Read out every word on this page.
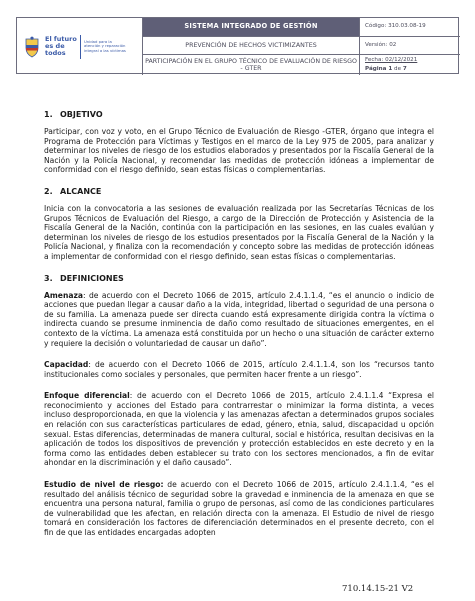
El futuro es de todos
Unidad para la atención y reparación integral a las víctimas
SISTEMA INTEGRADO DE GESTIÓN	Código: 310.03.08-19
PREVENCIÓN DE HECHOS VICTIMIZANTES	Versión: 02
PARTICIPACIÓN EN EL GRUPO TÉCNICO DE EVALUACIÓN DE RIESGO - GTER
Fecha: 02/12/2021
Página 1 de 7
1. OBJETIVO

Participar, con voz y voto, en el Grupo Técnico de Evaluación de Riesgo -GTER, órgano que integra el Programa de Protección para Víctimas y Testigos en el marco de la Ley 975 de 2005, para analizar y determinar los niveles de riesgo de los estudios elaborados y presentados por la Fiscalía General de la Nación y la Policía Nacional, y recomendar las medidas de protección idóneas a implementar de conformidad con el riesgo definido, sean estas físicas o complementarias.

2. ALCANCE

Inicia con la convocatoria a las sesiones de evaluación realizada por las Secretarías Técnicas de los Grupos Técnicos de Evaluación del Riesgo, a cargo de la Dirección de Protección y Asistencia de la Fiscalía General de la Nación, continúa con la participación en las sesiones, en las cuales evalúan y determinan los niveles de riesgo de los estudios presentados por la Fiscalía General de la Nación y la Policía Nacional, y finaliza con la recomendación y concepto sobre las medidas de protección idóneas a implementar de conformidad con el riesgo definido, sean estas físicas o complementarias.

3. DEFINICIONES

Amenaza: de acuerdo con el Decreto 1066 de 2015, artículo 2.4.1.1.4, “es el anuncio o indicio de acciones que puedan llegar a causar daño a la vida, integridad, libertad o seguridad de una persona o de su familia. La amenaza puede ser directa cuando está expresamente dirigida contra la víctima o indirecta cuando se presume inminencia de daño como resultado de situaciones emergentes, en el contexto de la víctima. La amenaza está constituida por un hecho o una situación de carácter externo y requiere la decisión o voluntariedad de causar un daño”.

Capacidad: de acuerdo con el Decreto 1066 de 2015, artículo 2.4.1.1.4, son los “recursos tanto institucionales como sociales y personales, que permiten hacer frente a un riesgo”.

Enfoque diferencial: de acuerdo con el Decreto 1066 de 2015, artículo 2.4.1.1.4 “Expresa el reconocimiento y acciones del Estado para contrarrestar o minimizar la forma distinta, a veces incluso desproporcionada, en que la violencia y las amenazas afectan a determinados grupos sociales en relación con sus características particulares de edad, género, etnia, salud, discapacidad u opción sexual. Estas diferencias, determinadas de manera cultural, social e histórica, resultan decisivas en la aplicación de todos los dispositivos de prevención y protección establecidos en este decreto y en la forma como las entidades deben establecer su trato con los sectores mencionados, a fin de evitar ahondar en la discriminación y el daño causado”.

Estudio de nivel de riesgo: de acuerdo con el Decreto 1066 de 2015, artículo 2.4.1.1.4, “es el resultado del análisis técnico de seguridad sobre la gravedad e inminencia de la amenaza en que se encuentra una persona natural, familia o grupo de personas, así como de las condiciones particulares de vulnerabilidad que les afectan, en relación directa con la amenaza. El Estudio de nivel de riesgo tomará en consideración los factores de diferenciación determinados en el presente decreto, con el fin de que las entidades encargadas adopten

710.14.15-21 V2
